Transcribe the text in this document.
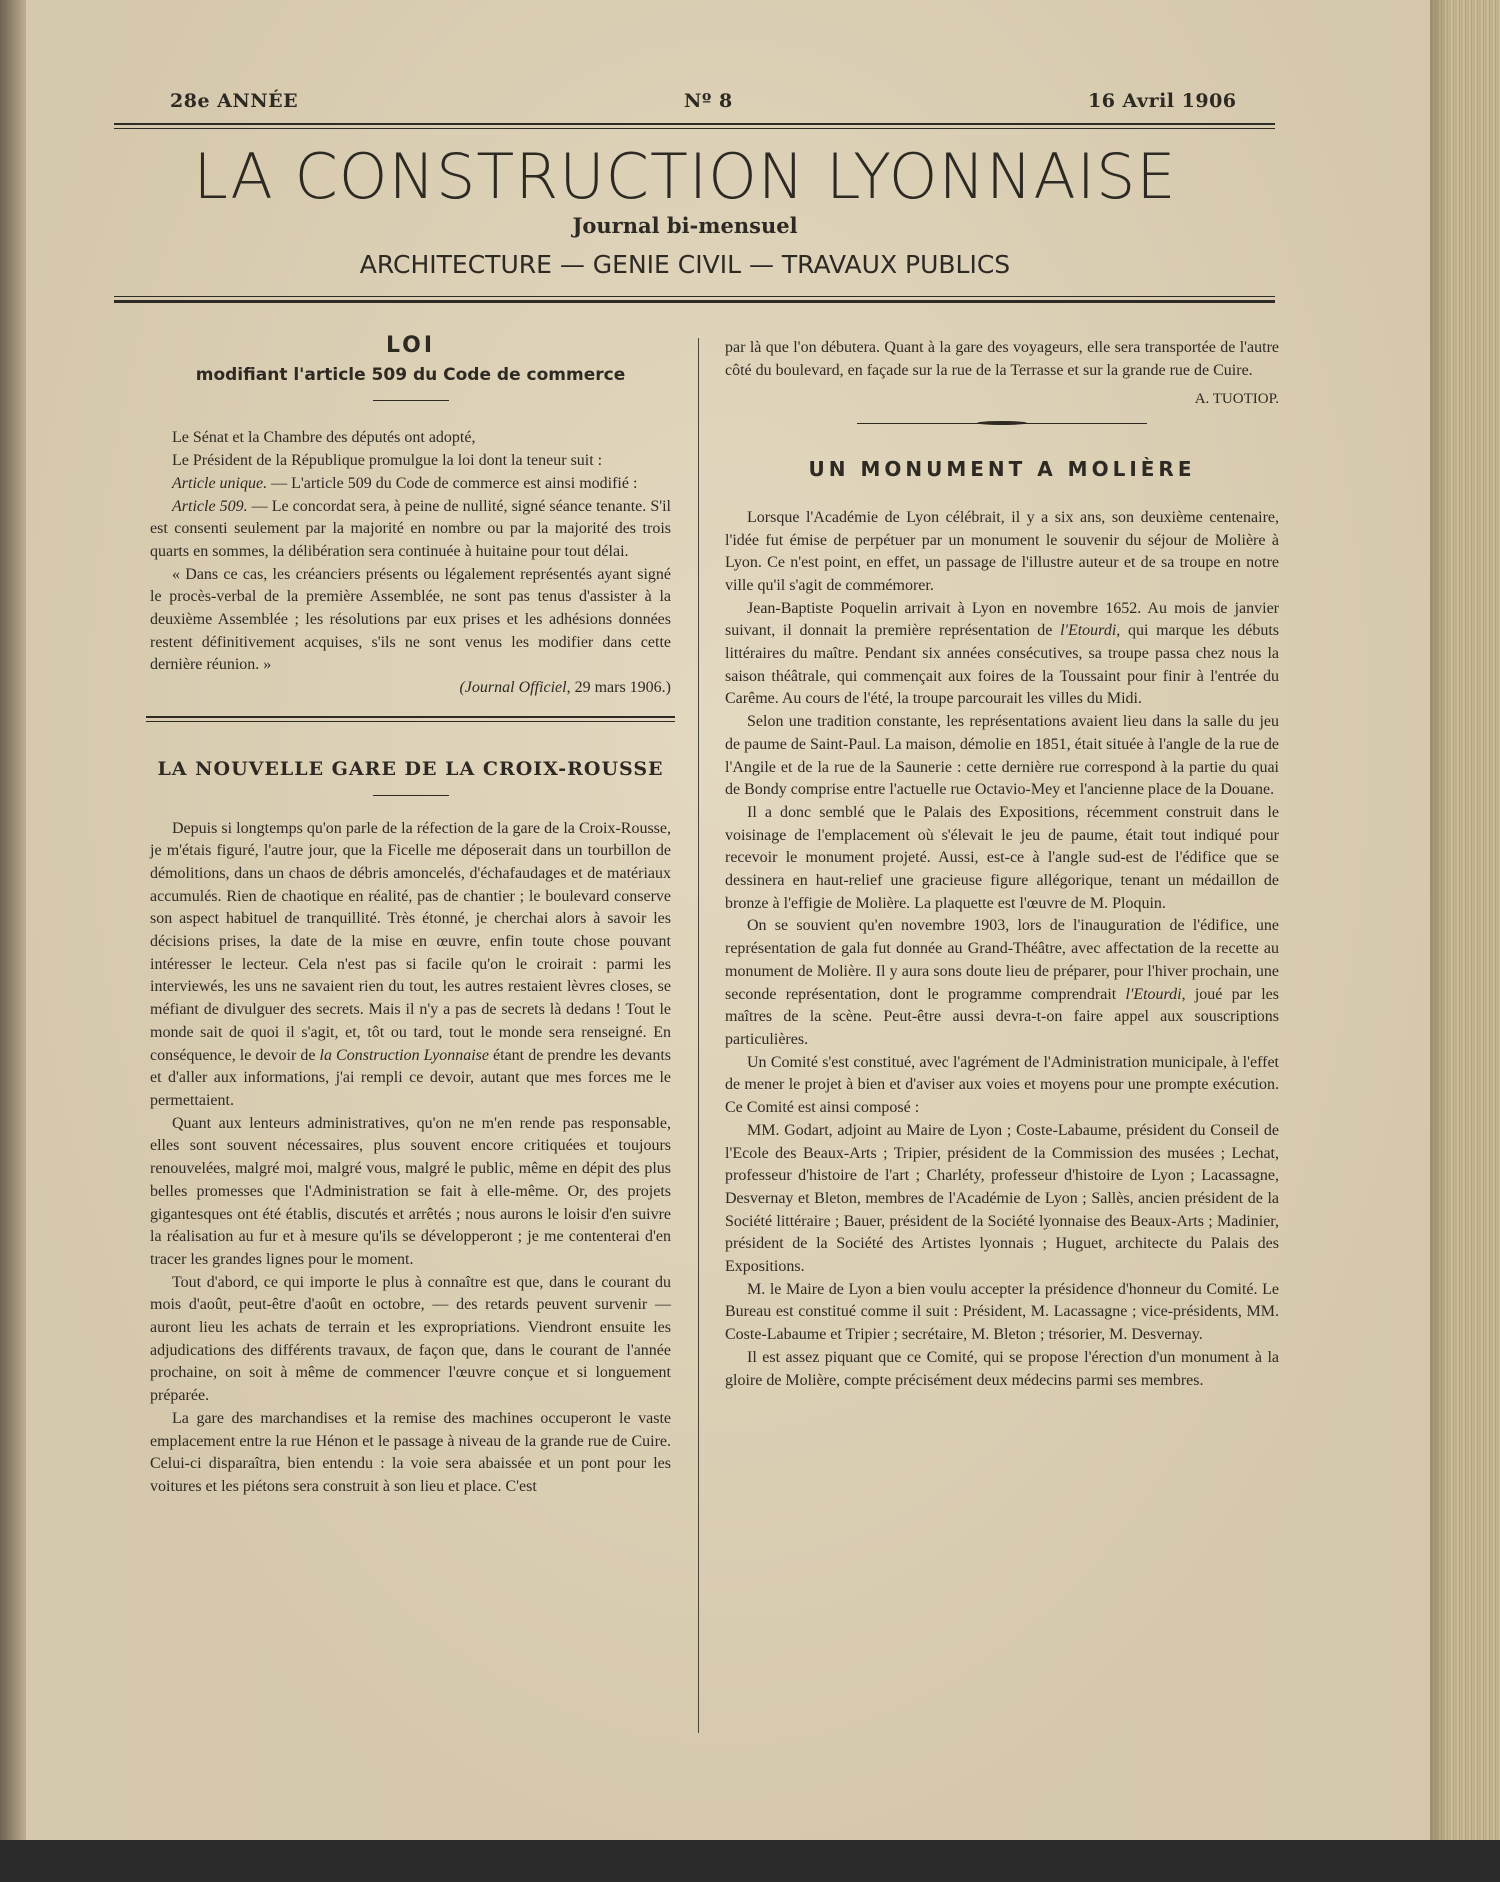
28e ANNÉE	Nº 8	16 Avril 1906
LA CONSTRUCTION LYONNAISE
Journal bi-mensuel
ARCHITECTURE — GENIE CIVIL — TRAVAUX PUBLICS
LOI
modifiant l'article 509 du Code de commerce

Le Sénat et la Chambre des députés ont adopté,

Le Président de la République promulgue la loi dont la teneur suit :

Article unique. — L'article 509 du Code de commerce est ainsi modifié :

Article 509. — Le concordat sera, à peine de nullité, signé séance tenante. S'il est consenti seulement par la majorité en nombre ou par la majorité des trois quarts en sommes, la délibération sera continuée à huitaine pour tout délai.

« Dans ce cas, les créanciers présents ou légalement représentés ayant signé le procès-verbal de la première Assemblée, ne sont pas tenus d'assister à la deuxième Assemblée ; les résolutions par eux prises et les adhésions données restent définitivement acquises, s'ils ne sont venus les modifier dans cette dernière réunion. »

(Journal Officiel, 29 mars 1906.)
LA NOUVELLE GARE DE LA CROIX-ROUSSE

Depuis si longtemps qu'on parle de la réfection de la gare de la Croix-Rousse, je m'étais figuré, l'autre jour, que la Ficelle me déposerait dans un tourbillon de démolitions, dans un chaos de débris amoncelés, d'échafaudages et de matériaux accumulés. Rien de chaotique en réalité, pas de chantier ; le boulevard conserve son aspect habituel de tranquillité. Très étonné, je cherchai alors à savoir les décisions prises, la date de la mise en œuvre, enfin toute chose pouvant intéresser le lecteur. Cela n'est pas si facile qu'on le croirait : parmi les interviewés, les uns ne savaient rien du tout, les autres restaient lèvres closes, se méfiant de divulguer des secrets. Mais il n'y a pas de secrets là dedans ! Tout le monde sait de quoi il s'agit, et, tôt ou tard, tout le monde sera renseigné. En conséquence, le devoir de la Construction Lyonnaise étant de prendre les devants et d'aller aux informations, j'ai rempli ce devoir, autant que mes forces me le permettaient.

Quant aux lenteurs administratives, qu'on ne m'en rende pas responsable, elles sont souvent nécessaires, plus souvent encore critiquées et toujours renouvelées, malgré moi, malgré vous, malgré le public, même en dépit des plus belles promesses que l'Administration se fait à elle-même. Or, des projets gigantesques ont été établis, discutés et arrêtés ; nous aurons le loisir d'en suivre la réalisation au fur et à mesure qu'ils se développeront ; je me contenterai d'en tracer les grandes lignes pour le moment.

Tout d'abord, ce qui importe le plus à connaître est que, dans le courant du mois d'août, peut-être d'août en octobre, — des retards peuvent survenir — auront lieu les achats de terrain et les expropriations. Viendront ensuite les adjudications des différents travaux, de façon que, dans le courant de l'année prochaine, on soit à même de commencer l'œuvre conçue et si longuement préparée.

La gare des marchandises et la remise des machines occuperont le vaste emplacement entre la rue Hénon et le passage à niveau de la grande rue de Cuire. Celui-ci disparaîtra, bien entendu : la voie sera abaissée et un pont pour les voitures et les piétons sera construit à son lieu et place. C'est

par là que l'on débutera. Quant à la gare des voyageurs, elle sera transportée de l'autre côté du boulevard, en façade sur la rue de la Terrasse et sur la grande rue de Cuire.

A. TUOTIOP.
UN MONUMENT A MOLIÈRE

Lorsque l'Académie de Lyon célébrait, il y a six ans, son deuxième centenaire, l'idée fut émise de perpétuer par un monument le souvenir du séjour de Molière à Lyon. Ce n'est point, en effet, un passage de l'illustre auteur et de sa troupe en notre ville qu'il s'agit de commémorer.

Jean-Baptiste Poquelin arrivait à Lyon en novembre 1652. Au mois de janvier suivant, il donnait la première représentation de l'Etourdi, qui marque les débuts littéraires du maître. Pendant six années consécutives, sa troupe passa chez nous la saison théâtrale, qui commençait aux foires de la Toussaint pour finir à l'entrée du Carême. Au cours de l'été, la troupe parcourait les villes du Midi.

Selon une tradition constante, les représentations avaient lieu dans la salle du jeu de paume de Saint-Paul. La maison, démolie en 1851, était située à l'angle de la rue de l'Angile et de la rue de la Saunerie : cette dernière rue correspond à la partie du quai de Bondy comprise entre l'actuelle rue Octavio-Mey et l'ancienne place de la Douane.

Il a donc semblé que le Palais des Expositions, récemment construit dans le voisinage de l'emplacement où s'élevait le jeu de paume, était tout indiqué pour recevoir le monument projeté. Aussi, est-ce à l'angle sud-est de l'édifice que se dessinera en haut-relief une gracieuse figure allégorique, tenant un médaillon de bronze à l'effigie de Molière. La plaquette est l'œuvre de M. Ploquin.

On se souvient qu'en novembre 1903, lors de l'inauguration de l'édifice, une représentation de gala fut donnée au Grand-Théâtre, avec affectation de la recette au monument de Molière. Il y aura sons doute lieu de préparer, pour l'hiver prochain, une seconde représentation, dont le programme comprendrait l'Etourdi, joué par les maîtres de la scène. Peut-être aussi devra-t-on faire appel aux souscriptions particulières.

Un Comité s'est constitué, avec l'agrément de l'Administration municipale, à l'effet de mener le projet à bien et d'aviser aux voies et moyens pour une prompte exécution. Ce Comité est ainsi composé :

MM. Godart, adjoint au Maire de Lyon ; Coste-Labaume, président du Conseil de l'Ecole des Beaux-Arts ; Tripier, président de la Commission des musées ; Lechat, professeur d'histoire de l'art ; Charléty, professeur d'histoire de Lyon ; Lacassagne, Desvernay et Bleton, membres de l'Académie de Lyon ; Sallès, ancien président de la Société littéraire ; Bauer, président de la Société lyonnaise des Beaux-Arts ; Madinier, président de la Société des Artistes lyonnais ; Huguet, architecte du Palais des Expositions.

M. le Maire de Lyon a bien voulu accepter la présidence d'honneur du Comité. Le Bureau est constitué comme il suit : Président, M. Lacassagne ; vice-présidents, MM. Coste-Labaume et Tripier ; secrétaire, M. Bleton ; trésorier, M. Desvernay.

Il est assez piquant que ce Comité, qui se propose l'érection d'un monument à la gloire de Molière, compte précisément deux médecins parmi ses membres.
